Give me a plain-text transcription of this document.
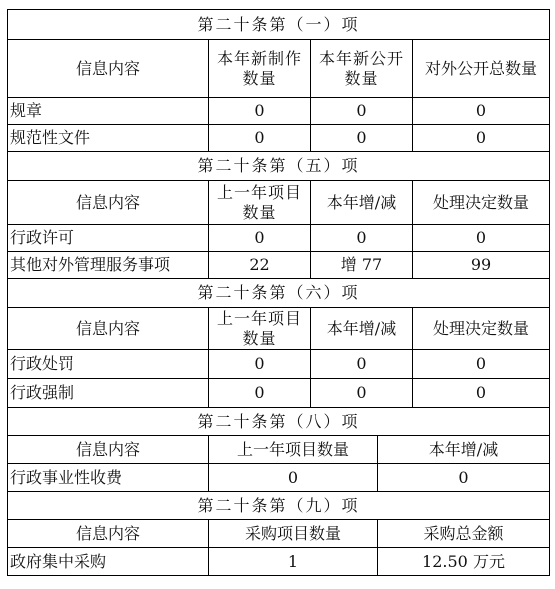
第二十条第（一）项			
信息内容	本年新制作数量	本年新公开数量	对外公开总数量
规章	0	0	0
规范性文件	0	0	0
第二十条第（五）项			
信息内容	上一年项目数量	本年增/减	处理决定数量
行政许可	0	0	0
其他对外管理服务事项	22	增 77	99
第二十条第（六）项			
信息内容	上一年项目数量	本年增/减	处理决定数量
行政处罚	0	0	0
行政强制	0	0	0
第二十条第（八）项		
信息内容	上一年项目数量	本年增/减
行政事业性收费	0	0
第二十条第（九）项		
信息内容	采购项目数量	采购总金额
政府集中采购	1	12.50 万元
